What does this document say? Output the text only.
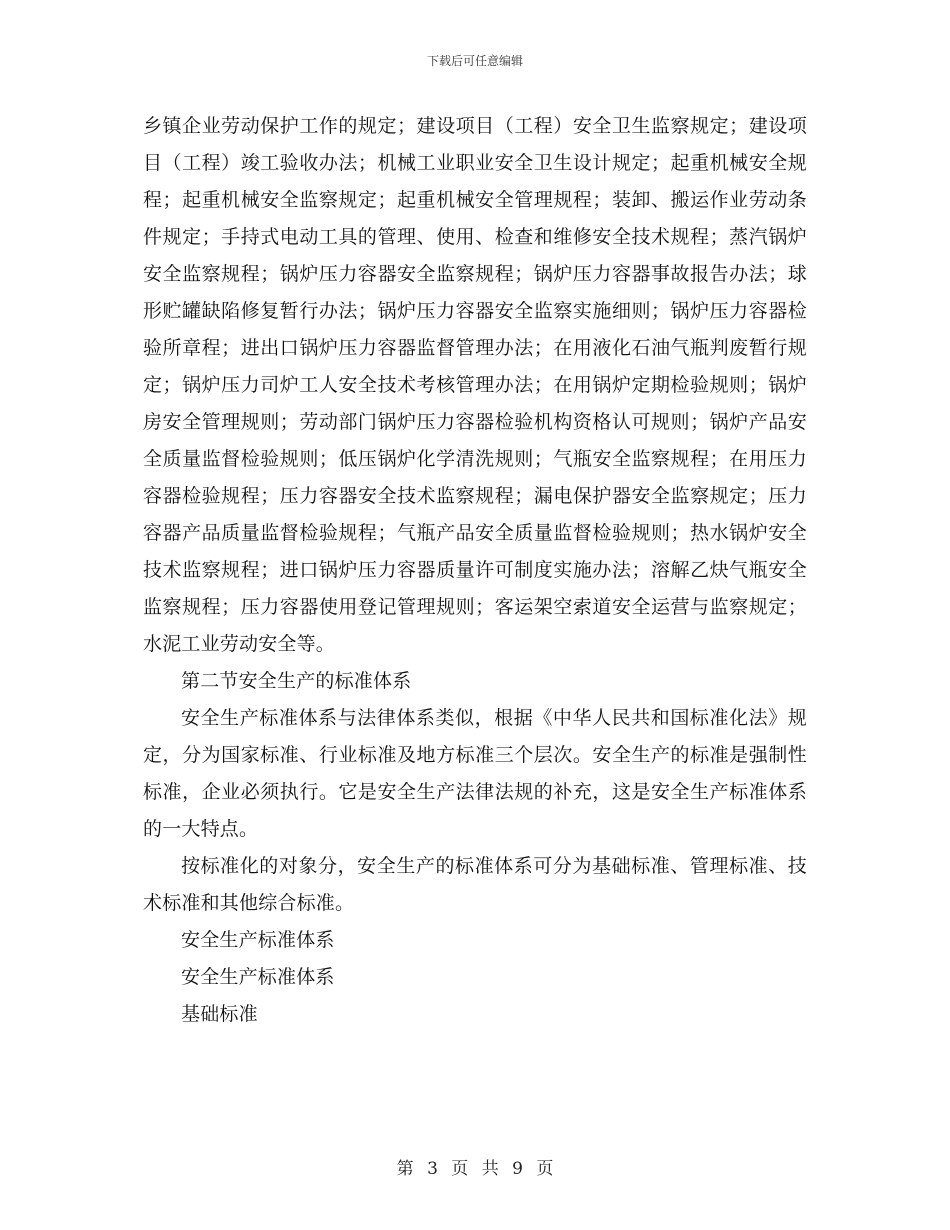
下载后可任意编辑

乡镇企业劳动保护工作的规定；建设项目（工程）安全卫生监察规定；建设项目（工程）竣工验收办法；机械工业职业安全卫生设计规定；起重机械安全规程；起重机械安全监察规定；起重机械安全管理规程；装卸、搬运作业劳动条件规定；手持式电动工具的管理、使用、检查和维修安全技术规程；蒸汽锅炉安全监察规程；锅炉压力容器安全监察规程；锅炉压力容器事故报告办法；球形贮罐缺陷修复暂行办法；锅炉压力容器安全监察实施细则；锅炉压力容器检验所章程；进出口锅炉压力容器监督管理办法；在用液化石油气瓶判废暂行规定；锅炉压力司炉工人安全技术考核管理办法；在用锅炉定期检验规则；锅炉房安全管理规则；劳动部门锅炉压力容器检验机构资格认可规则；锅炉产品安全质量监督检验规则；低压锅炉化学清洗规则；气瓶安全监察规程；在用压力容器检验规程；压力容器安全技术监察规程；漏电保护器安全监察规定；压力容器产品质量监督检验规程；气瓶产品安全质量监督检验规则；热水锅炉安全技术监察规程；进口锅炉压力容器质量许可制度实施办法；溶解乙炔气瓶安全监察规程；压力容器使用登记管理规则；客运架空索道安全运营与监察规定；水泥工业劳动安全等。

第二节安全生产的标准体系

安全生产标准体系与法律体系类似，根据《中华人民共和国标准化法》规定，分为国家标准、行业标准及地方标准三个层次。安全生产的标准是强制性标准，企业必须执行。它是安全生产法律法规的补充，这是安全生产标准体系的一大特点。

按标准化的对象分，安全生产的标准体系可分为基础标准、管理标准、技术标准和其他综合标准。

安全生产标准体系

安全生产标准体系

基础标准

第 3 页 共 9 页
